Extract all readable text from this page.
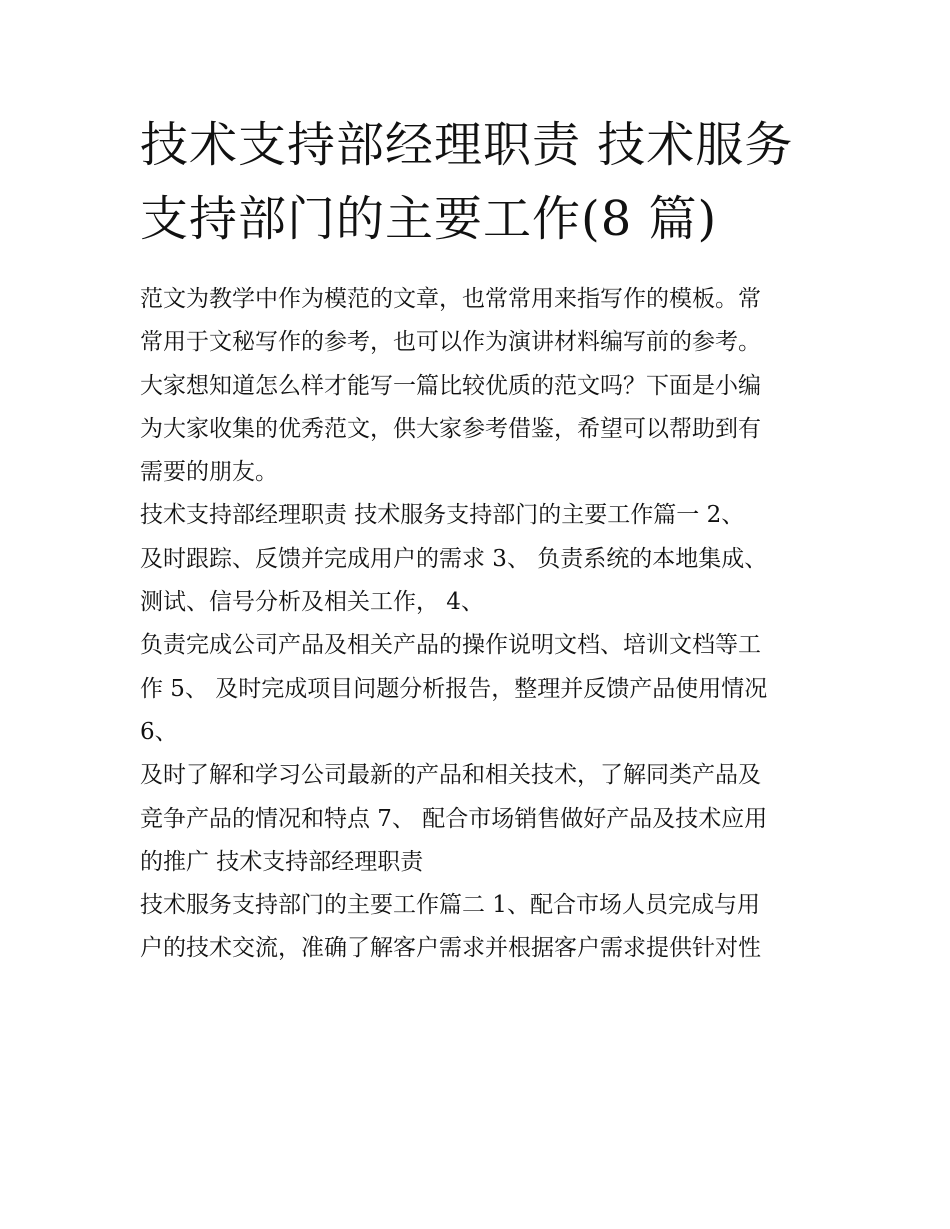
技术支持部经理职责 技术服务
支持部门的主要工作(8 篇)

范文为教学中作为模范的文章，也常常用来指写作的模板。常
常用于文秘写作的参考，也可以作为演讲材料编写前的参考。
大家想知道怎么样才能写一篇比较优质的范文吗？下面是小编
为大家收集的优秀范文，供大家参考借鉴，希望可以帮助到有
需要的朋友。

技术支持部经理职责 技术服务支持部门的主要工作篇一 2、
及时跟踪、反馈并完成用户的需求 3、 负责系统的本地集成、
测试、信号分析及相关工作， 4、

负责完成公司产品及相关产品的操作说明文档、培训文档等工
作 5、 及时完成项目问题分析报告，整理并反馈产品使用情况
6、

及时了解和学习公司最新的产品和相关技术，了解同类产品及
竞争产品的情况和特点 7、 配合市场销售做好产品及技术应用
的推广 技术支持部经理职责

技术服务支持部门的主要工作篇二 1、配合市场人员完成与用
户的技术交流，准确了解客户需求并根据客户需求提供针对性
